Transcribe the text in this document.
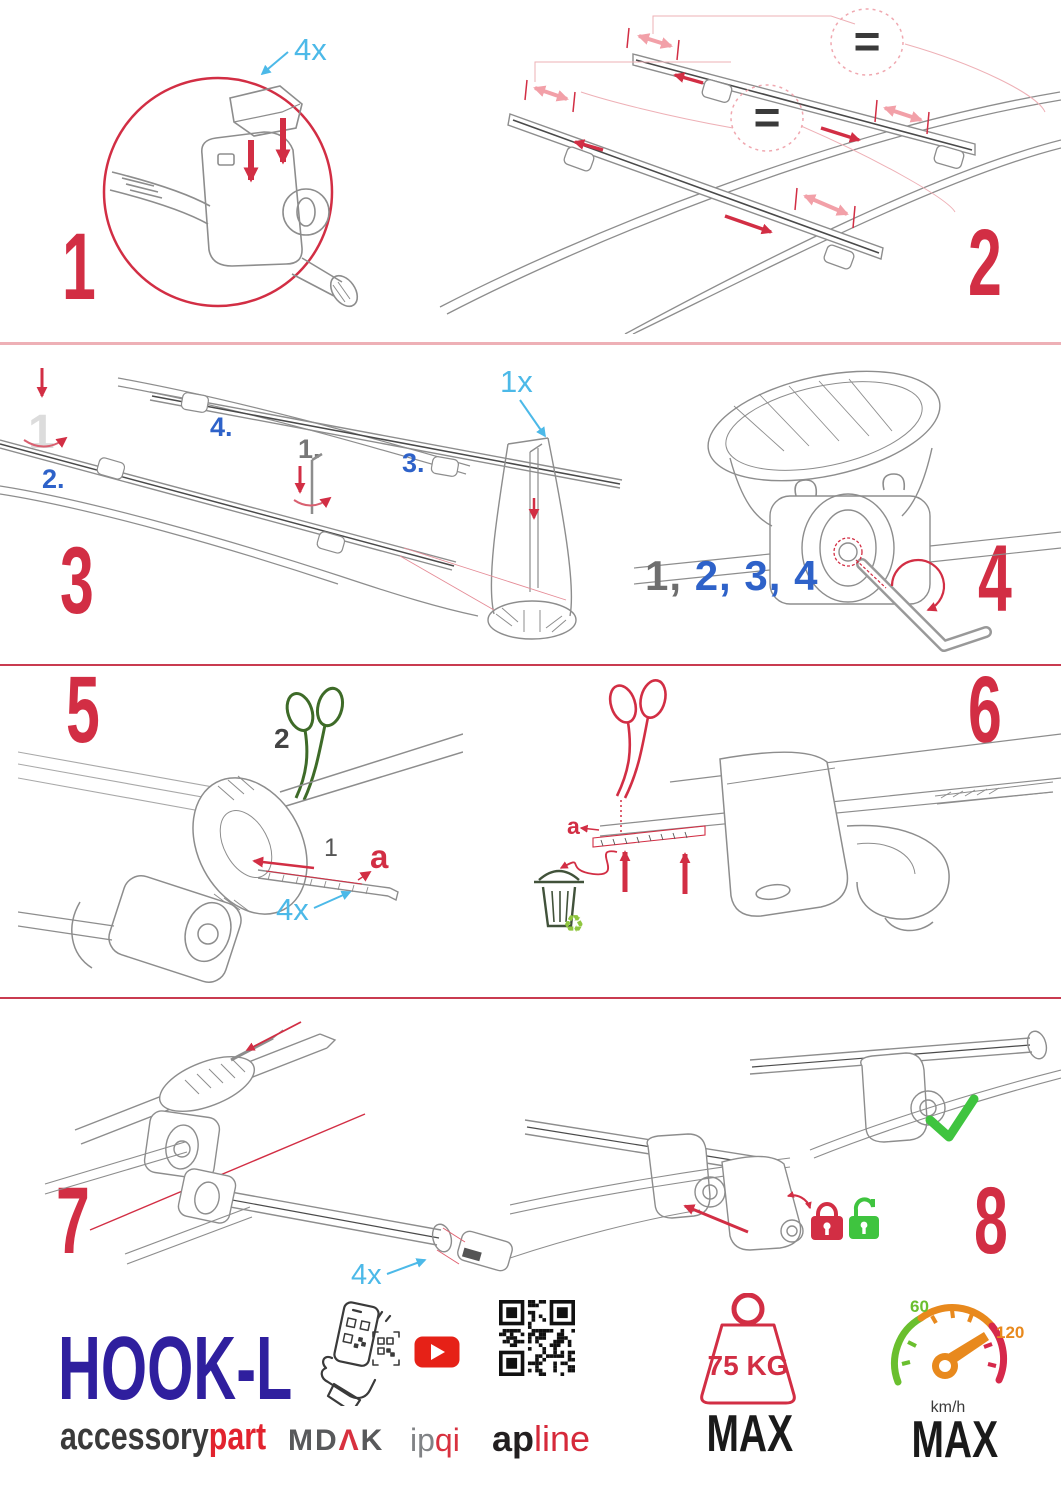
1	2
3	4
5	6
7	8
4x	=
=
1
2.
4.
1.	3.
1x
1, 2, 3, 4
2
1 a
4x
a
♻
4x
HOOK-L
accessorypart MDΛK ipqi apline
75 KG
MAX
60
120
km/h
MAX
